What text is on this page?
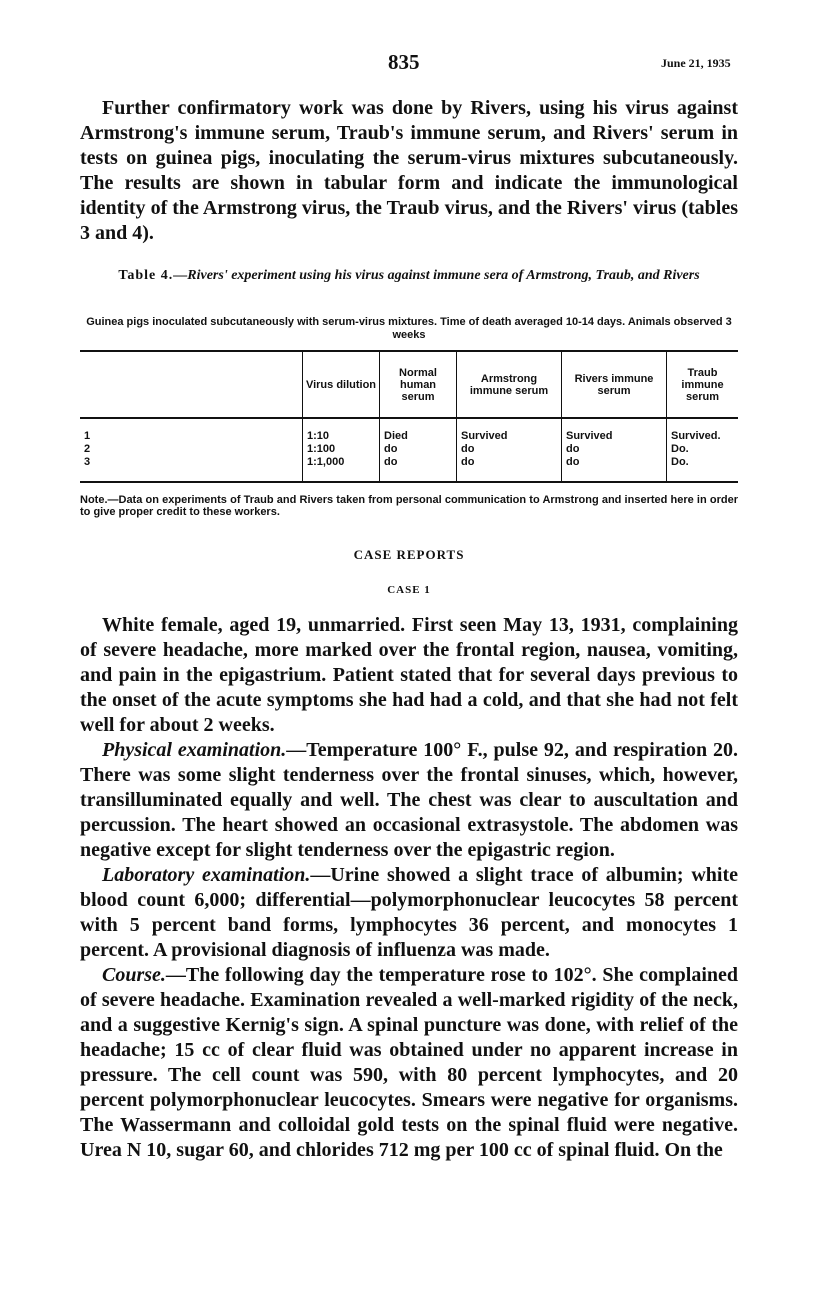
835	June 21, 1935
Further confirmatory work was done by Rivers, using his virus against Armstrong's immune serum, Traub's immune serum, and Rivers' serum in tests on guinea pigs, inoculating the serum-virus mixtures subcutaneously. The results are shown in tabular form and indicate the immunological identity of the Armstrong virus, the Traub virus, and the Rivers' virus (tables 3 and 4).
Table 4.—Rivers' experiment using his virus against immune sera of Armstrong, Traub, and Rivers
Guinea pigs inoculated subcutaneously with serum-virus mixtures. Time of death averaged 10-14 days. Animals observed 3 weeks
	Virus dilution	Normal human serum	Armstrong immune serum	Rivers immune serum	Traub immune serum
1	1:10	Died	Survived	Survived	Survived.
2	1:100	do	do	do	Do.
3	1:1,000	do	do	do	Do.
Note.—Data on experiments of Traub and Rivers taken from personal communication to Armstrong and inserted here in order to give proper credit to these workers.
CASE REPORTS
CASE 1

White female, aged 19, unmarried. First seen May 13, 1931, complaining of severe headache, more marked over the frontal region, nausea, vomiting, and pain in the epigastrium. Patient stated that for several days previous to the onset of the acute symptoms she had had a cold, and that she had not felt well for about 2 weeks.

Physical examination.—Temperature 100° F., pulse 92, and respiration 20. There was some slight tenderness over the frontal sinuses, which, however, transilluminated equally and well. The chest was clear to auscultation and percussion. The heart showed an occasional extrasystole. The abdomen was negative except for slight tenderness over the epigastric region.

Laboratory examination.—Urine showed a slight trace of albumin; white blood count 6,000; differential—polymorphonuclear leucocytes 58 percent with 5 percent band forms, lymphocytes 36 percent, and monocytes 1 percent. A provisional diagnosis of influenza was made.

Course.—The following day the temperature rose to 102°. She complained of severe headache. Examination revealed a well-marked rigidity of the neck, and a suggestive Kernig's sign. A spinal puncture was done, with relief of the headache; 15 cc of clear fluid was obtained under no apparent increase in pressure. The cell count was 590, with 80 percent lymphocytes, and 20 percent polymorphonuclear leucocytes. Smears were negative for organisms. The Wassermann and colloidal gold tests on the spinal fluid were negative. Urea N 10, sugar 60, and chlorides 712 mg per 100 cc of spinal fluid. On the
